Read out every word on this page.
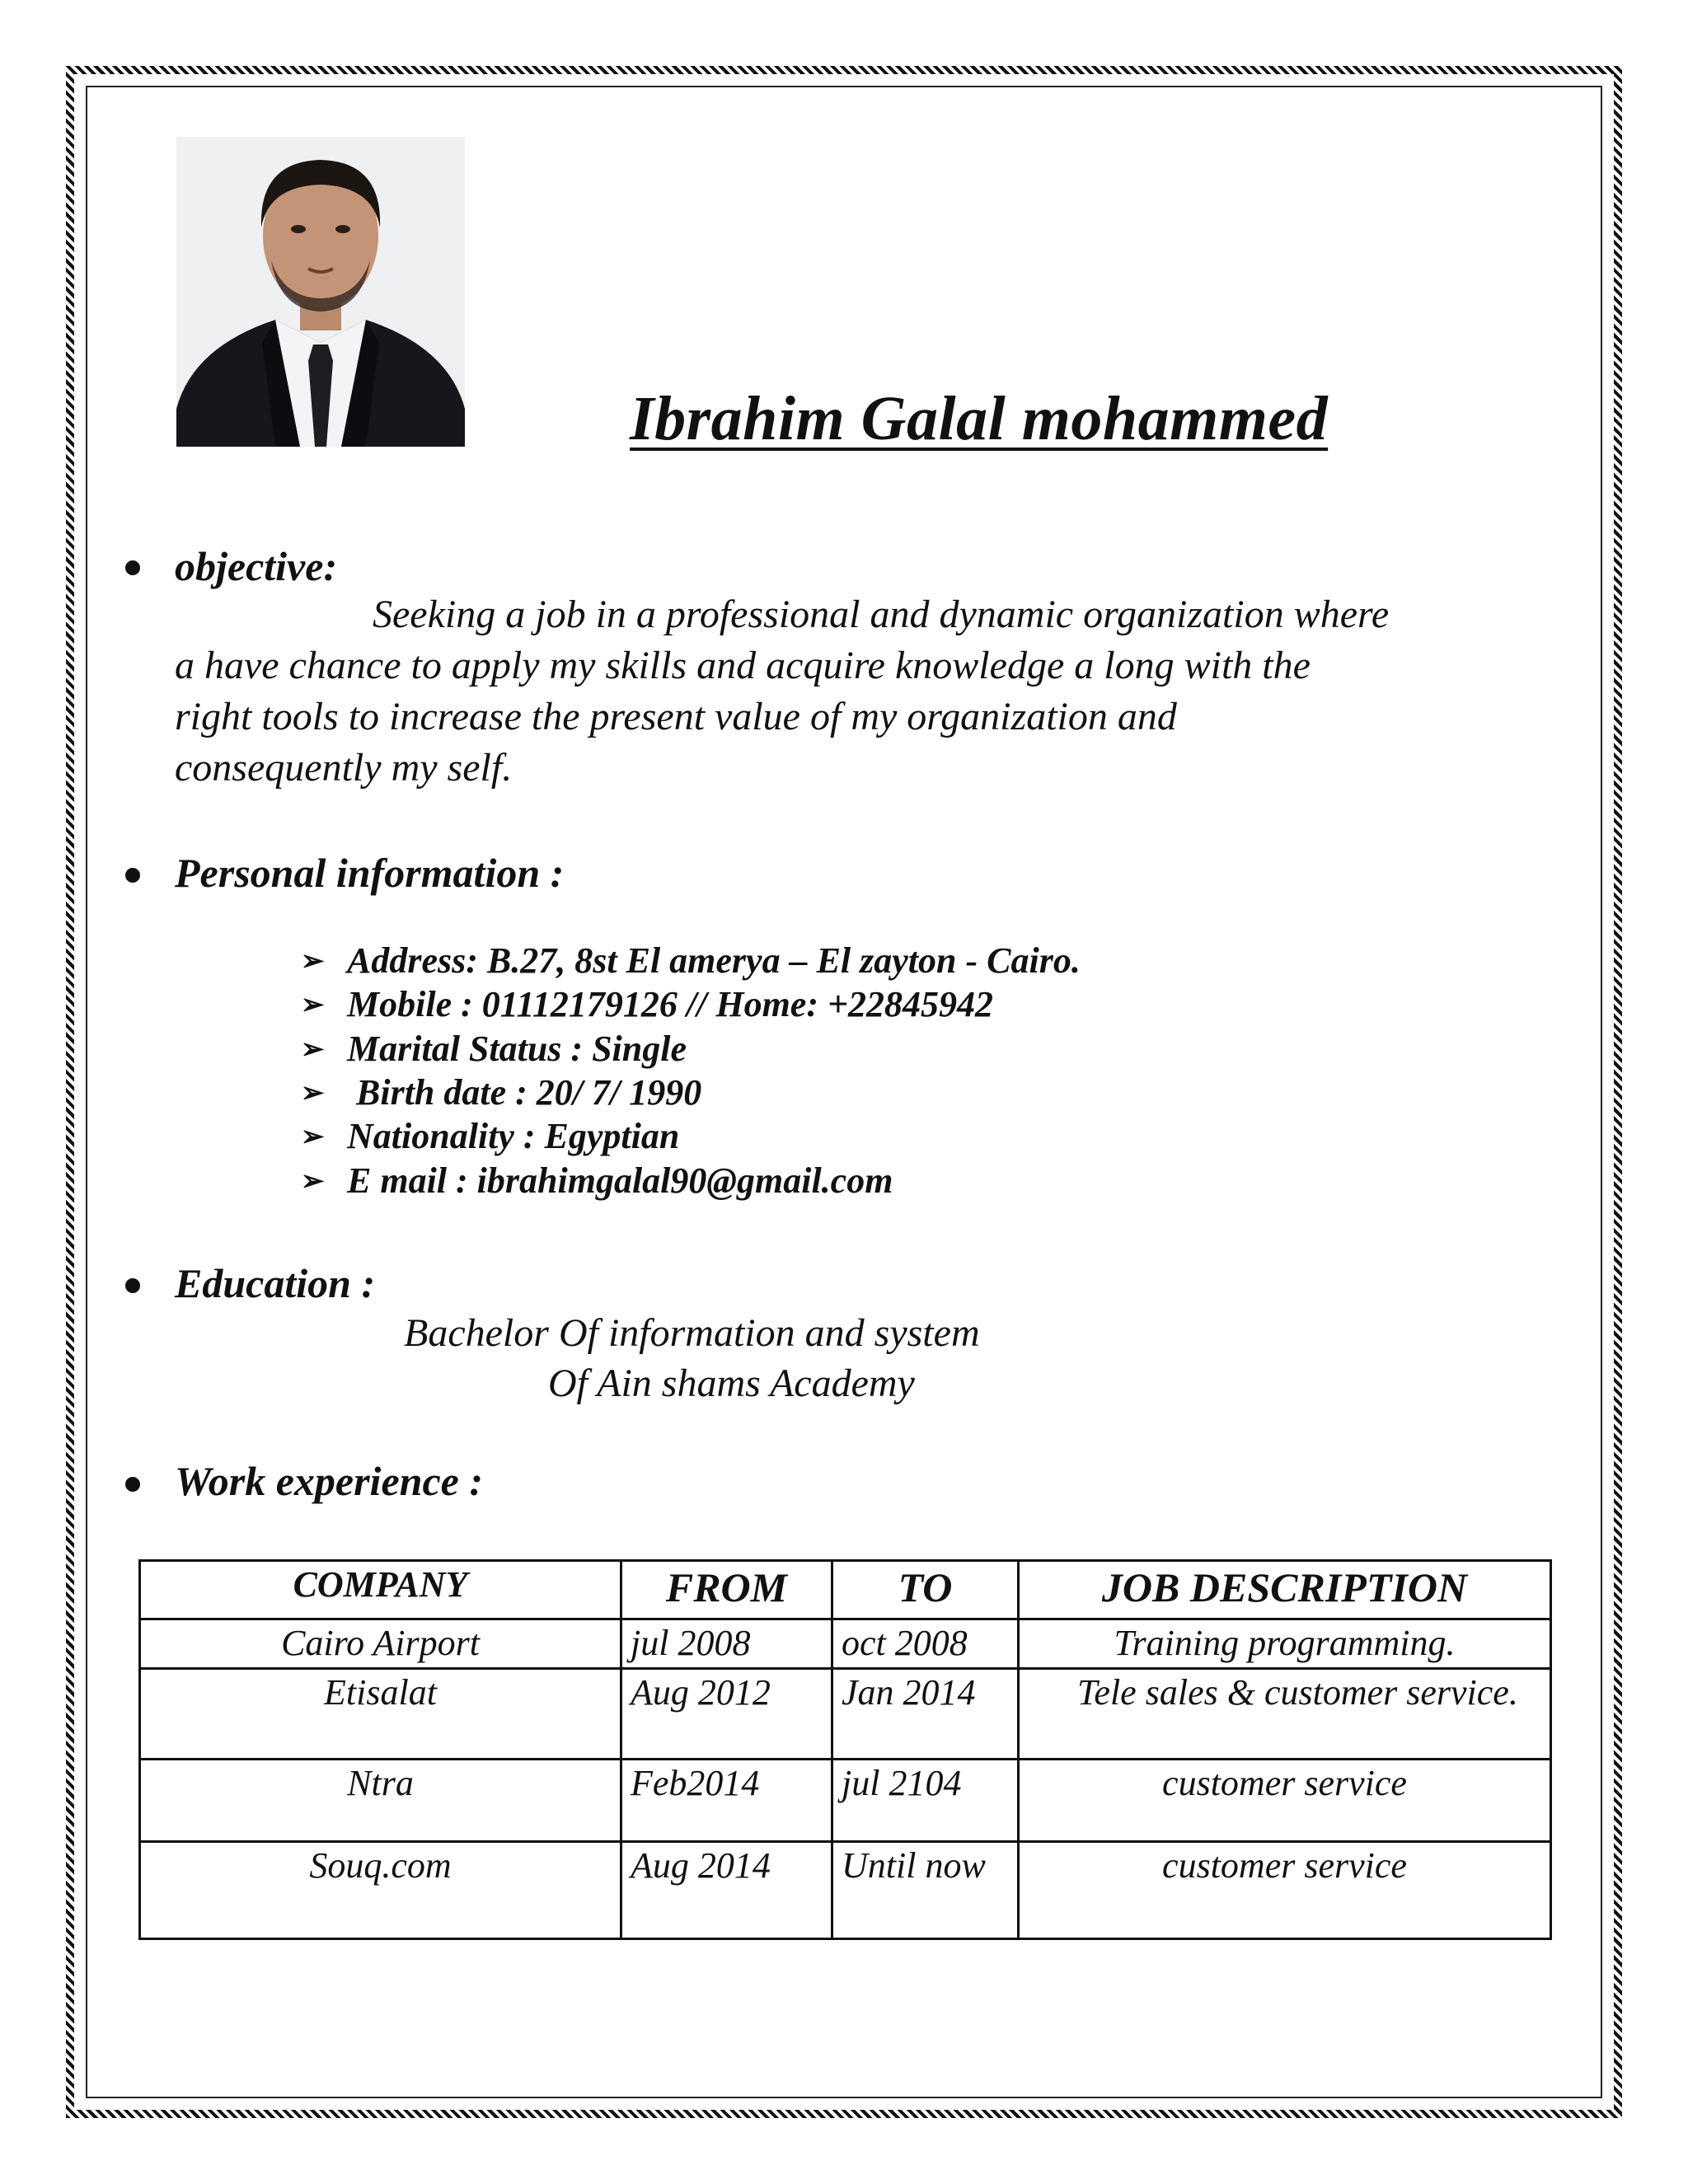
Ibrahim Galal mohammed
objective:
Seeking a job in a professional and dynamic organization where
a have chance to apply my skills and acquire knowledge a long with the
right tools to increase the present value of my organization and
consequently my self.
Personal information :
➢ Address: B.27, 8st El amerya – El zayton - Cairo.
➢ Mobile : 01112179126 // Home: +22845942
➢ Marital Status : Single
➢ Birth date : 20/ 7/ 1990
➢ Nationality : Egyptian
➢ E mail : ibrahimgalal90@gmail.com
Education :
Bachelor Of information and system
Of Ain shams Academy
Work experience :
COMPANY	FROM	TO	JOB DESCRIPTION
Cairo Airport	jul 2008	oct 2008	Training programming.
Etisalat	Aug 2012	Jan 2014	Tele sales & customer service.
Ntra	Feb2014	jul 2104	customer service
Souq.com	Aug 2014	Until now	customer service
